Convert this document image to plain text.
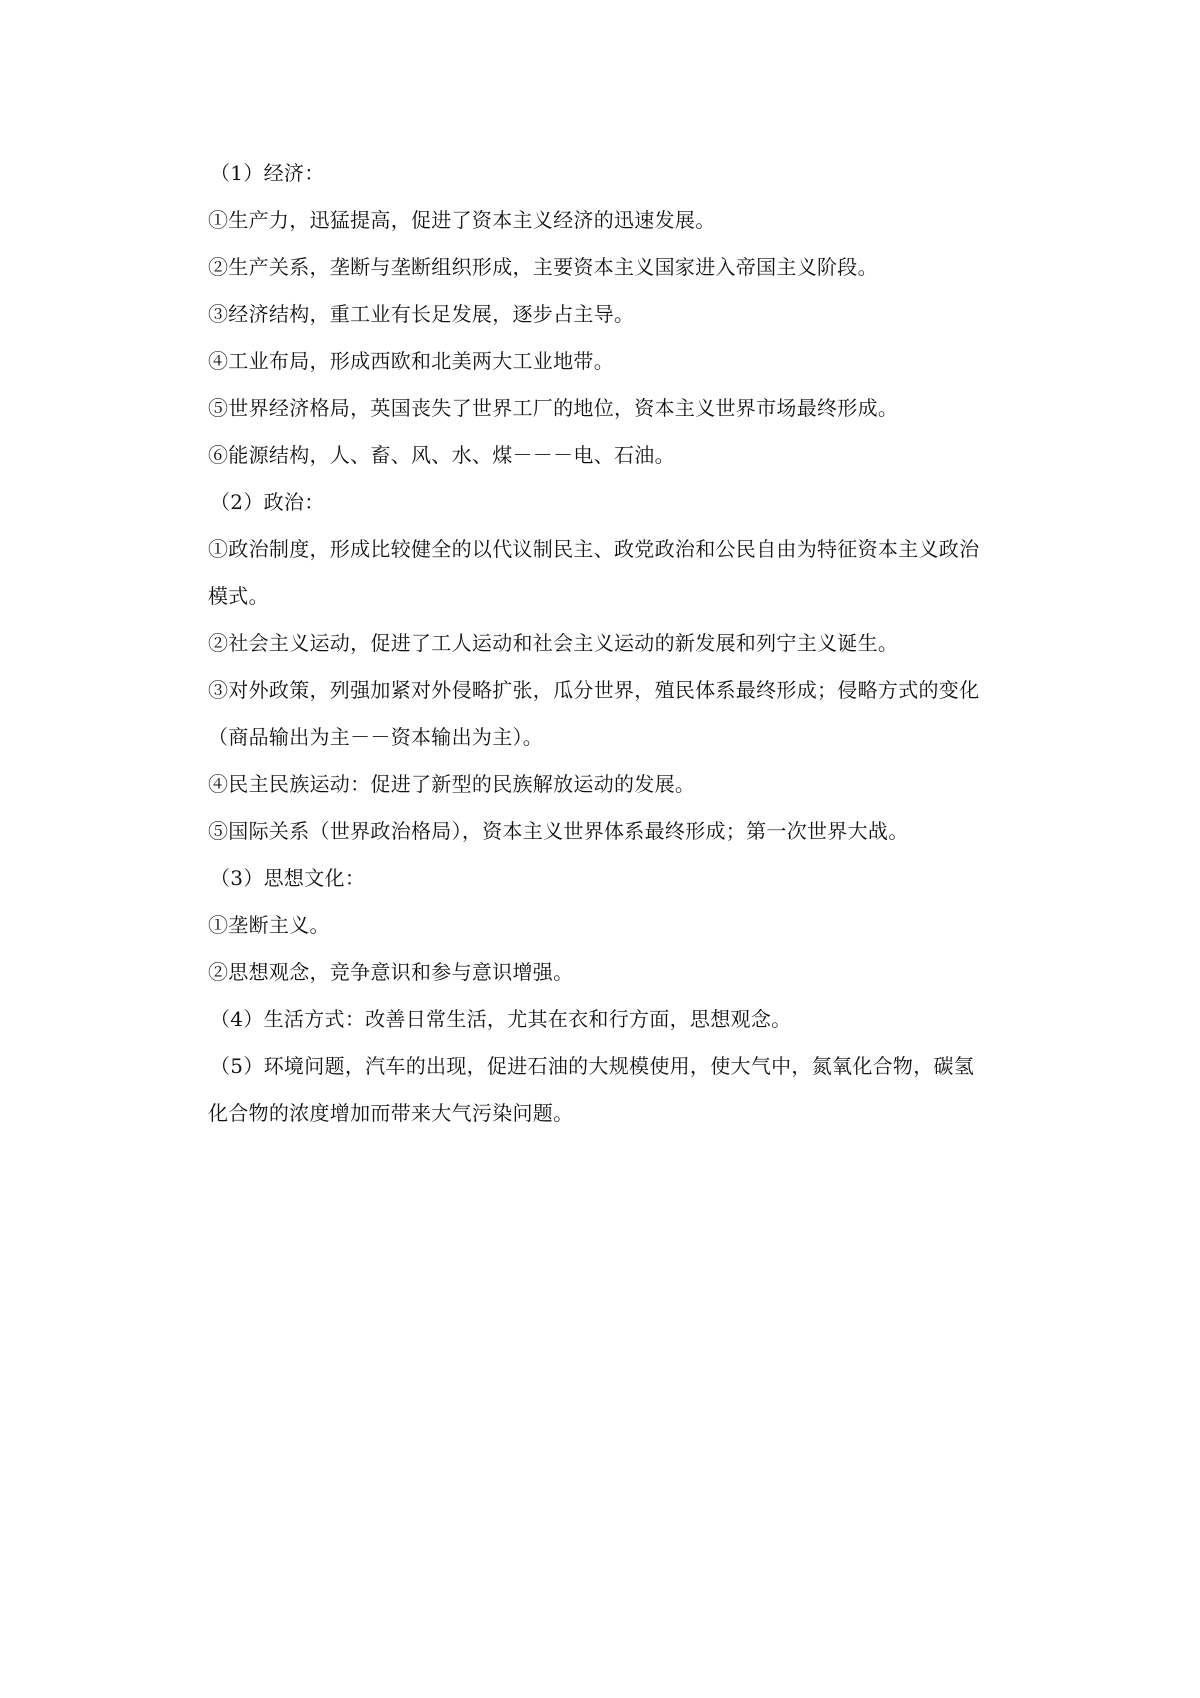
（1）经济：
①生产力，迅猛提高，促进了资本主义经济的迅速发展。
②生产关系，垄断与垄断组织形成，主要资本主义国家进入帝国主义阶段。
③经济结构，重工业有长足发展，逐步占主导。
④工业布局，形成西欧和北美两大工业地带。
⑤世界经济格局，英国丧失了世界工厂的地位，资本主义世界市场最终形成。
⑥能源结构，人、畜、风、水、煤－－－电、石油。
（2）政治：
①政治制度，形成比较健全的以代议制民主、政党政治和公民自由为特征资本主义政治
模式。
②社会主义运动，促进了工人运动和社会主义运动的新发展和列宁主义诞生。
③对外政策，列强加紧对外侵略扩张，瓜分世界，殖民体系最终形成；侵略方式的变化
（商品输出为主－－资本输出为主）。
④民主民族运动：促进了新型的民族解放运动的发展。
⑤国际关系（世界政治格局），资本主义世界体系最终形成；第一次世界大战。
（3）思想文化：
①垄断主义。
②思想观念，竞争意识和参与意识增强。
（4）生活方式：改善日常生活，尤其在衣和行方面，思想观念。
（5）环境问题，汽车的出现，促进石油的大规模使用，使大气中，氮氧化合物，碳氢
化合物的浓度增加而带来大气污染问题。
